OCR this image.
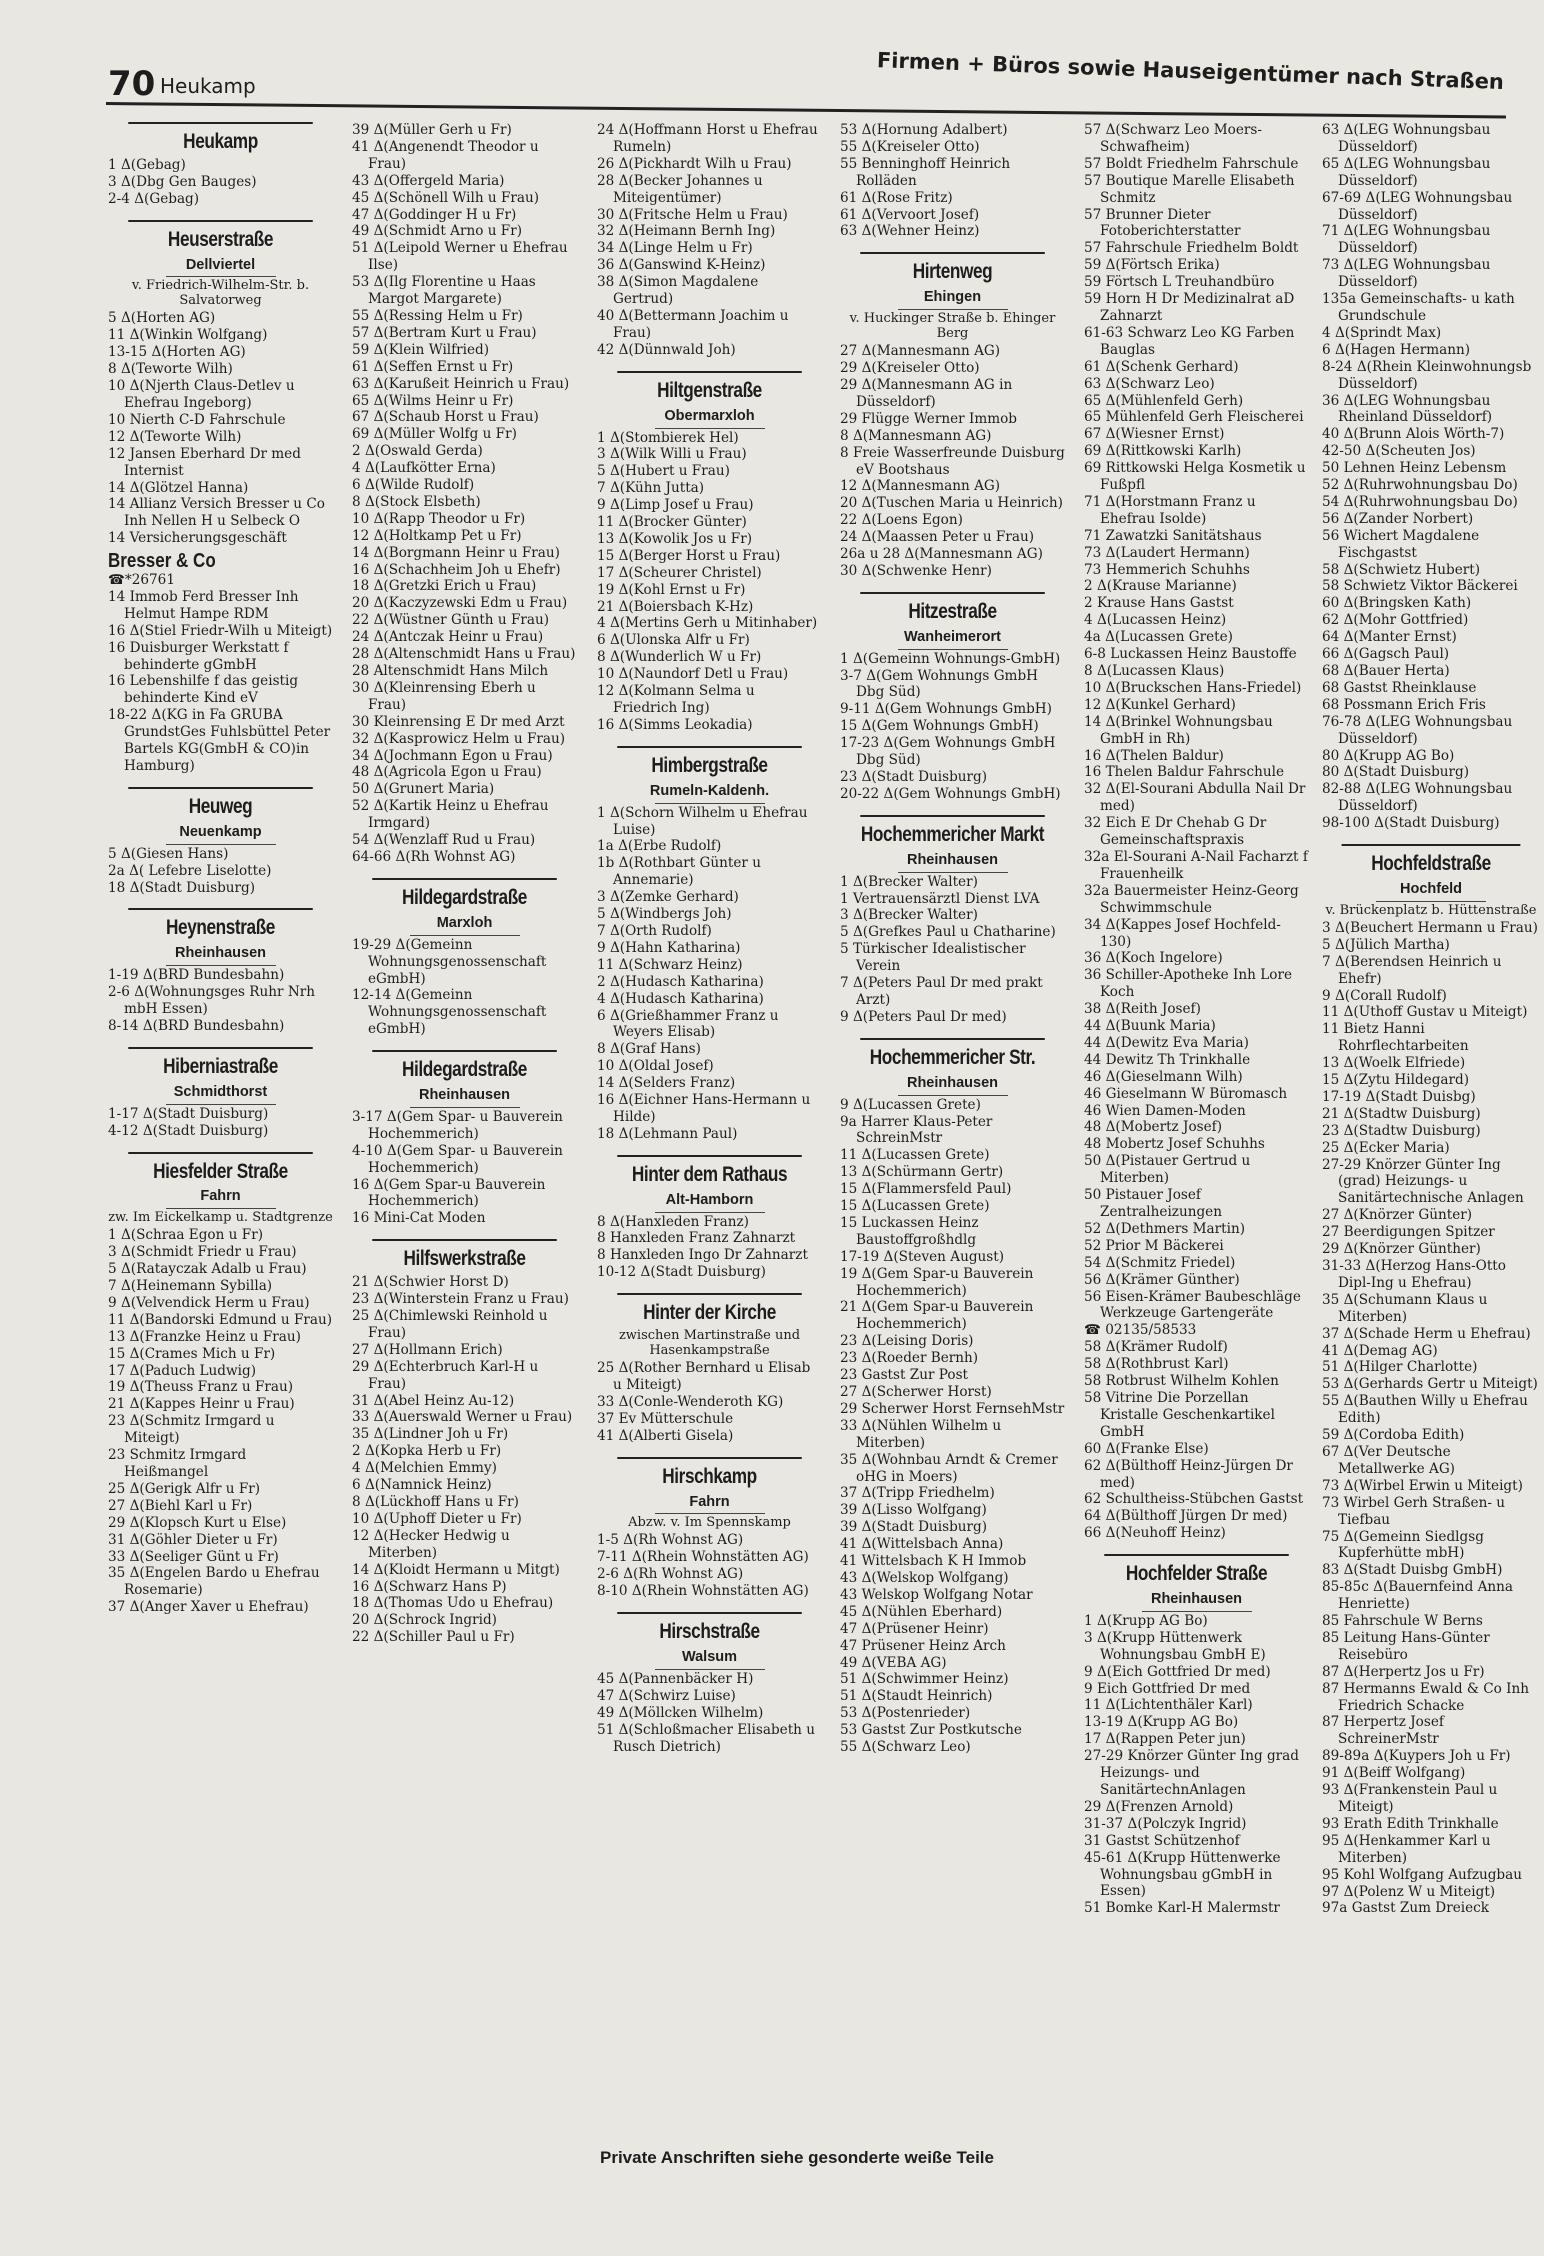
70 Heukamp	Firmen + Büros sowie Hauseigentümer nach Straßen
Heukamp

1 Δ(Gebag)

3 Δ(Dbg Gen Bauges)

2-4 Δ(Gebag)

Heuserstraße
Dellviertel
v. Friedrich-Wilhelm-Str. b. Salvatorweg

5 Δ(Horten AG)

11 Δ(Winkin Wolfgang)

13-15 Δ(Horten AG)

8 Δ(Teworte Wilh)

10 Δ(Njerth Claus-Detlev u Ehefrau Ingeborg)

10 Nierth C-D Fahrschule

12 Δ(Teworte Wilh)

12 Jansen Eberhard Dr med Internist

14 Δ(Glötzel Hanna)

14 Allianz Versich Bresser u Co Inh Nellen H u Selbeck O

14 Versicherungsgeschäft

Bresser & Co

☎*26761

14 Immob Ferd Bresser Inh Helmut Hampe RDM

16 Δ(Stiel Friedr-Wilh u Miteigt)

16 Duisburger Werkstatt f behinderte gGmbH

16 Lebenshilfe f das geistig behinderte Kind eV

18-22 Δ(KG in Fa GRUBA GrundstGes Fuhlsbüttel Peter Bartels KG(GmbH & CO)in Hamburg)

Heuweg
Neuenkamp

5 Δ(Giesen Hans)

2a Δ( Lefebre Liselotte)

18 Δ(Stadt Duisburg)

Heynenstraße
Rheinhausen

1-19 Δ(BRD Bundesbahn)

2-6 Δ(Wohnungsges Ruhr Nrh mbH Essen)

8-14 Δ(BRD Bundesbahn)

Hiberniastraße
Schmidthorst

1-17 Δ(Stadt Duisburg)

4-12 Δ(Stadt Duisburg)

Hiesfelder Straße
Fahrn
zw. Im Eickelkamp u. Stadtgrenze

1 Δ(Schraa Egon u Fr)

3 Δ(Schmidt Friedr u Frau)

5 Δ(Ratayczak Adalb u Frau)

7 Δ(Heinemann Sybilla)

9 Δ(Velvendick Herm u Frau)

11 Δ(Bandorski Edmund u Frau)

13 Δ(Franzke Heinz u Frau)

15 Δ(Crames Mich u Fr)

17 Δ(Paduch Ludwig)

19 Δ(Theuss Franz u Frau)

21 Δ(Kappes Heinr u Frau)

23 Δ(Schmitz Irmgard u Miteigt)

23 Schmitz Irmgard Heißmangel

25 Δ(Gerigk Alfr u Fr)

27 Δ(Biehl Karl u Fr)

29 Δ(Klopsch Kurt u Else)

31 Δ(Göhler Dieter u Fr)

33 Δ(Seeliger Günt u Fr)

35 Δ(Engelen Bardo u Ehefrau Rosemarie)

37 Δ(Anger Xaver u Ehefrau)

39 Δ(Müller Gerh u Fr)

41 Δ(Angenendt Theodor u Frau)

43 Δ(Offergeld Maria)

45 Δ(Schönell Wilh u Frau)

47 Δ(Goddinger H u Fr)

49 Δ(Schmidt Arno u Fr)

51 Δ(Leipold Werner u Ehefrau Ilse)

53 Δ(Ilg Florentine u Haas Margot Margarete)

55 Δ(Ressing Helm u Fr)

57 Δ(Bertram Kurt u Frau)

59 Δ(Klein Wilfried)

61 Δ(Seffen Ernst u Fr)

63 Δ(Karußeit Heinrich u Frau)

65 Δ(Wilms Heinr u Fr)

67 Δ(Schaub Horst u Frau)

69 Δ(Müller Wolfg u Fr)

2 Δ(Oswald Gerda)

4 Δ(Laufkötter Erna)

6 Δ(Wilde Rudolf)

8 Δ(Stock Elsbeth)

10 Δ(Rapp Theodor u Fr)

12 Δ(Holtkamp Pet u Fr)

14 Δ(Borgmann Heinr u Frau)

16 Δ(Schachheim Joh u Ehefr)

18 Δ(Gretzki Erich u Frau)

20 Δ(Kaczyzewski Edm u Frau)

22 Δ(Wüstner Günth u Frau)

24 Δ(Antczak Heinr u Frau)

28 Δ(Altenschmidt Hans u Frau)

28 Altenschmidt Hans Milch

30 Δ(Kleinrensing Eberh u Frau)

30 Kleinrensing E Dr med Arzt

32 Δ(Kasprowicz Helm u Frau)

34 Δ(Jochmann Egon u Frau)

48 Δ(Agricola Egon u Frau)

50 Δ(Grunert Maria)

52 Δ(Kartik Heinz u Ehefrau Irmgard)

54 Δ(Wenzlaff Rud u Frau)

64-66 Δ(Rh Wohnst AG)

Hildegardstraße
Marxloh

19-29 Δ(Gemeinn Wohnungsgenossenschaft eGmbH)

12-14 Δ(Gemeinn Wohnungsgenossenschaft eGmbH)

Hildegardstraße
Rheinhausen

3-17 Δ(Gem Spar- u Bauverein Hochemmerich)

4-10 Δ(Gem Spar- u Bauverein Hochemmerich)

16 Δ(Gem Spar-u Bauverein Hochemmerich)

16 Mini-Cat Moden

Hilfswerkstraße

21 Δ(Schwier Horst D)

23 Δ(Winterstein Franz u Frau)

25 Δ(Chimlewski Reinhold u Frau)

27 Δ(Hollmann Erich)

29 Δ(Echterbruch Karl-H u Frau)

31 Δ(Abel Heinz Au-12)

33 Δ(Auerswald Werner u Frau)

35 Δ(Lindner Joh u Fr)

2 Δ(Kopka Herb u Fr)

4 Δ(Melchien Emmy)

6 Δ(Namnick Heinz)

8 Δ(Lückhoff Hans u Fr)

10 Δ(Uphoff Dieter u Fr)

12 Δ(Hecker Hedwig u Miterben)

14 Δ(Kloidt Hermann u Mitgt)

16 Δ(Schwarz Hans P)

18 Δ(Thomas Udo u Ehefrau)

20 Δ(Schrock Ingrid)

22 Δ(Schiller Paul u Fr)

24 Δ(Hoffmann Horst u Ehefrau Rumeln)

26 Δ(Pickhardt Wilh u Frau)

28 Δ(Becker Johannes u Miteigentümer)

30 Δ(Fritsche Helm u Frau)

32 Δ(Heimann Bernh Ing)

34 Δ(Linge Helm u Fr)

36 Δ(Ganswind K-Heinz)

38 Δ(Simon Magdalene Gertrud)

40 Δ(Bettermann Joachim u Frau)

42 Δ(Dünnwald Joh)

Hiltgenstraße
Obermarxloh

1 Δ(Stombierek Hel)

3 Δ(Wilk Willi u Frau)

5 Δ(Hubert u Frau)

7 Δ(Kühn Jutta)

9 Δ(Limp Josef u Frau)

11 Δ(Brocker Günter)

13 Δ(Kowolik Jos u Fr)

15 Δ(Berger Horst u Frau)

17 Δ(Scheurer Christel)

19 Δ(Kohl Ernst u Fr)

21 Δ(Boiersbach K-Hz)

4 Δ(Mertins Gerh u Mitinhaber)

6 Δ(Ulonska Alfr u Fr)

8 Δ(Wunderlich W u Fr)

10 Δ(Naundorf Detl u Frau)

12 Δ(Kolmann Selma u Friedrich Ing)

16 Δ(Simms Leokadia)

Himbergstraße
Rumeln-Kaldenh.

1 Δ(Schorn Wilhelm u Ehefrau Luise)

1a Δ(Erbe Rudolf)

1b Δ(Rothbart Günter u Annemarie)

3 Δ(Zemke Gerhard)

5 Δ(Windbergs Joh)

7 Δ(Orth Rudolf)

9 Δ(Hahn Katharina)

11 Δ(Schwarz Heinz)

2 Δ(Hudasch Katharina)

4 Δ(Hudasch Katharina)

6 Δ(Grießhammer Franz u Weyers Elisab)

8 Δ(Graf Hans)

10 Δ(Oldal Josef)

14 Δ(Selders Franz)

16 Δ(Eichner Hans-Hermann u Hilde)

18 Δ(Lehmann Paul)

Hinter dem Rathaus
Alt-Hamborn

8 Δ(Hanxleden Franz)

8 Hanxleden Franz Zahnarzt

8 Hanxleden Ingo Dr Zahnarzt

10-12 Δ(Stadt Duisburg)

Hinter der Kirche
zwischen Martinstraße und Hasenkampstraße

25 Δ(Rother Bernhard u Elisab u Miteigt)

33 Δ(Conle-Wenderoth KG)

37 Ev Mütterschule

41 Δ(Alberti Gisela)

Hirschkamp
Fahrn
Abzw. v. Im Spennskamp

1-5 Δ(Rh Wohnst AG)

7-11 Δ(Rhein Wohnstätten AG)

2-6 Δ(Rh Wohnst AG)

8-10 Δ(Rhein Wohnstätten AG)

Hirschstraße
Walsum

45 Δ(Pannenbäcker H)

47 Δ(Schwirz Luise)

49 Δ(Möllcken Wilhelm)

51 Δ(Schloßmacher Elisabeth u Rusch Dietrich)

53 Δ(Hornung Adalbert)

55 Δ(Kreiseler Otto)

55 Benninghoff Heinrich Rolläden

61 Δ(Rose Fritz)

61 Δ(Vervoort Josef)

63 Δ(Wehner Heinz)

Hirtenweg
Ehingen
v. Huckinger Straße b. Ehinger Berg

27 Δ(Mannesmann AG)

29 Δ(Kreiseler Otto)

29 Δ(Mannesmann AG in Düsseldorf)

29 Flügge Werner Immob

8 Δ(Mannesmann AG)

8 Freie Wasserfreunde Duisburg eV Bootshaus

12 Δ(Mannesmann AG)

20 Δ(Tuschen Maria u Heinrich)

22 Δ(Loens Egon)

24 Δ(Maassen Peter u Frau)

26a u 28 Δ(Mannesmann AG)

30 Δ(Schwenke Henr)

Hitzestraße
Wanheimerort

1 Δ(Gemeinn Wohnungs-GmbH)

3-7 Δ(Gem Wohnungs GmbH Dbg Süd)

9-11 Δ(Gem Wohnungs GmbH)

15 Δ(Gem Wohnungs GmbH)

17-23 Δ(Gem Wohnungs GmbH Dbg Süd)

23 Δ(Stadt Duisburg)

20-22 Δ(Gem Wohnungs GmbH)

Hochemmericher Markt
Rheinhausen

1 Δ(Brecker Walter)

1 Vertrauensärztl Dienst LVA

3 Δ(Brecker Walter)

5 Δ(Grefkes Paul u Chatharine)

5 Türkischer Idealistischer Verein

7 Δ(Peters Paul Dr med prakt Arzt)

9 Δ(Peters Paul Dr med)

Hochemmericher Str.
Rheinhausen

9 Δ(Lucassen Grete)

9a Harrer Klaus-Peter SchreinMstr

11 Δ(Lucassen Grete)

13 Δ(Schürmann Gertr)

15 Δ(Flammersfeld Paul)

15 Δ(Lucassen Grete)

15 Luckassen Heinz Baustoffgroßhdlg

17-19 Δ(Steven August)

19 Δ(Gem Spar-u Bauverein Hochemmerich)

21 Δ(Gem Spar-u Bauverein Hochemmerich)

23 Δ(Leising Doris)

23 Δ(Roeder Bernh)

23 Gastst Zur Post

27 Δ(Scherwer Horst)

29 Scherwer Horst FernsehMstr

33 Δ(Nühlen Wilhelm u Miterben)

35 Δ(Wohnbau Arndt & Cremer oHG in Moers)

37 Δ(Tripp Friedhelm)

39 Δ(Lisso Wolfgang)

39 Δ(Stadt Duisburg)

41 Δ(Wittelsbach Anna)

41 Wittelsbach K H Immob

43 Δ(Welskop Wolfgang)

43 Welskop Wolfgang Notar

45 Δ(Nühlen Eberhard)

47 Δ(Prüsener Heinr)

47 Prüsener Heinz Arch

49 Δ(VEBA AG)

51 Δ(Schwimmer Heinz)

51 Δ(Staudt Heinrich)

53 Δ(Postenrieder)

53 Gastst Zur Postkutsche

55 Δ(Schwarz Leo)

57 Δ(Schwarz Leo Moers-Schwafheim)

57 Boldt Friedhelm Fahrschule

57 Boutique Marelle Elisabeth Schmitz

57 Brunner Dieter Fotoberichterstatter

57 Fahrschule Friedhelm Boldt

59 Δ(Förtsch Erika)

59 Förtsch L Treuhandbüro

59 Horn H Dr Medizinalrat aD Zahnarzt

61-63 Schwarz Leo KG Farben Bauglas

61 Δ(Schenk Gerhard)

63 Δ(Schwarz Leo)

65 Δ(Mühlenfeld Gerh)

65 Mühlenfeld Gerh Fleischerei

67 Δ(Wiesner Ernst)

69 Δ(Rittkowski Karlh)

69 Rittkowski Helga Kosmetik u Fußpfl

71 Δ(Horstmann Franz u Ehefrau Isolde)

71 Zawatzki Sanitätshaus

73 Δ(Laudert Hermann)

73 Hemmerich Schuhhs

2 Δ(Krause Marianne)

2 Krause Hans Gastst

4 Δ(Lucassen Heinz)

4a Δ(Lucassen Grete)

6-8 Luckassen Heinz Baustoffe

8 Δ(Lucassen Klaus)

10 Δ(Bruckschen Hans-Friedel)

12 Δ(Kunkel Gerhard)

14 Δ(Brinkel Wohnungsbau GmbH in Rh)

16 Δ(Thelen Baldur)

16 Thelen Baldur Fahrschule

32 Δ(El-Sourani Abdulla Nail Dr med)

32 Eich E Dr Chehab G Dr Gemeinschaftspraxis

32a El-Sourani A-Nail Facharzt f Frauenheilk

32a Bauermeister Heinz-Georg Schwimmschule

34 Δ(Kappes Josef Hochfeld-130)

36 Δ(Koch Ingelore)

36 Schiller-Apotheke Inh Lore Koch

38 Δ(Reith Josef)

44 Δ(Buunk Maria)

44 Δ(Dewitz Eva Maria)

44 Dewitz Th Trinkhalle

46 Δ(Gieselmann Wilh)

46 Gieselmann W Büromasch

46 Wien Damen-Moden

48 Δ(Mobertz Josef)

48 Mobertz Josef Schuhhs

50 Δ(Pistauer Gertrud u Miterben)

50 Pistauer Josef Zentralheizungen

52 Δ(Dethmers Martin)

52 Prior M Bäckerei

54 Δ(Schmitz Friedel)

56 Δ(Krämer Günther)

56 Eisen-Krämer Baubeschläge Werkzeuge Gartengeräte

☎ 02135/58533

58 Δ(Krämer Rudolf)

58 Δ(Rothbrust Karl)

58 Rotbrust Wilhelm Kohlen

58 Vitrine Die Porzellan Kristalle Geschenkartikel GmbH

60 Δ(Franke Else)

62 Δ(Bülthoff Heinz-Jürgen Dr med)

62 Schultheiss-Stübchen Gastst

64 Δ(Bülthoff Jürgen Dr med)

66 Δ(Neuhoff Heinz)

Hochfelder Straße
Rheinhausen

1 Δ(Krupp AG Bo)

3 Δ(Krupp Hüttenwerk Wohnungsbau GmbH E)

9 Δ(Eich Gottfried Dr med)

9 Eich Gottfried Dr med

11 Δ(Lichtenthäler Karl)

13-19 Δ(Krupp AG Bo)

17 Δ(Rappen Peter jun)

27-29 Knörzer Günter Ing grad Heizungs- und SanitärtechnAnlagen

29 Δ(Frenzen Arnold)

31-37 Δ(Polczyk Ingrid)

31 Gastst Schützenhof

45-61 Δ(Krupp Hüttenwerke Wohnungsbau gGmbH in Essen)

51 Bomke Karl-H Malermstr

63 Δ(LEG Wohnungsbau Düsseldorf)

65 Δ(LEG Wohnungsbau Düsseldorf)

67-69 Δ(LEG Wohnungsbau Düsseldorf)

71 Δ(LEG Wohnungsbau Düsseldorf)

73 Δ(LEG Wohnungsbau Düsseldorf)

135a Gemeinschafts- u kath Grundschule

4 Δ(Sprindt Max)

6 Δ(Hagen Hermann)

8-24 Δ(Rhein Kleinwohnungsb Düsseldorf)

36 Δ(LEG Wohnungsbau Rheinland Düsseldorf)

40 Δ(Brunn Alois Wörth-7)

42-50 Δ(Scheuten Jos)

50 Lehnen Heinz Lebensm

52 Δ(Ruhrwohnungsbau Do)

54 Δ(Ruhrwohnungsbau Do)

56 Δ(Zander Norbert)

56 Wichert Magdalene Fischgastst

58 Δ(Schwietz Hubert)

58 Schwietz Viktor Bäckerei

60 Δ(Bringsken Kath)

62 Δ(Mohr Gottfried)

64 Δ(Manter Ernst)

66 Δ(Gagsch Paul)

68 Δ(Bauer Herta)

68 Gastst Rheinklause

68 Possmann Erich Fris

76-78 Δ(LEG Wohnungsbau Düsseldorf)

80 Δ(Krupp AG Bo)

80 Δ(Stadt Duisburg)

82-88 Δ(LEG Wohnungsbau Düsseldorf)

98-100 Δ(Stadt Duisburg)

Hochfeldstraße
Hochfeld
v. Brückenplatz b. Hüttenstraße

3 Δ(Beuchert Hermann u Frau)

5 Δ(Jülich Martha)

7 Δ(Berendsen Heinrich u Ehefr)

9 Δ(Corall Rudolf)

11 Δ(Uthoff Gustav u Miteigt)

11 Bietz Hanni Rohrflechtarbeiten

13 Δ(Woelk Elfriede)

15 Δ(Zytu Hildegard)

17-19 Δ(Stadt Duisbg)

21 Δ(Stadtw Duisburg)

23 Δ(Stadtw Duisburg)

25 Δ(Ecker Maria)

27-29 Knörzer Günter Ing (grad) Heizungs- u Sanitärtechnische Anlagen

27 Δ(Knörzer Günter)

27 Beerdigungen Spitzer

29 Δ(Knörzer Günther)

31-33 Δ(Herzog Hans-Otto Dipl-Ing u Ehefrau)

35 Δ(Schumann Klaus u Miterben)

37 Δ(Schade Herm u Ehefrau)

41 Δ(Demag AG)

51 Δ(Hilger Charlotte)

53 Δ(Gerhards Gertr u Miteigt)

55 Δ(Bauthen Willy u Ehefrau Edith)

59 Δ(Cordoba Edith)

67 Δ(Ver Deutsche Metallwerke AG)

73 Δ(Wirbel Erwin u Miteigt)

73 Wirbel Gerh Straßen- u Tiefbau

75 Δ(Gemeinn Siedlgsg Kupferhütte mbH)

83 Δ(Stadt Duisbg GmbH)

85-85c Δ(Bauernfeind Anna Henriette)

85 Fahrschule W Berns

85 Leitung Hans-Günter Reisebüro

87 Δ(Herpertz Jos u Fr)

87 Hermanns Ewald & Co Inh Friedrich Schacke

87 Herpertz Josef SchreinerMstr

89-89a Δ(Kuypers Joh u Fr)

91 Δ(Beiff Wolfgang)

93 Δ(Frankenstein Paul u Miteigt)

93 Erath Edith Trinkhalle

95 Δ(Henkammer Karl u Miterben)

95 Kohl Wolfgang Aufzugbau

97 Δ(Polenz W u Miteigt)

97a Gastst Zum Dreieck

Private Anschriften siehe gesonderte weiße Teile
